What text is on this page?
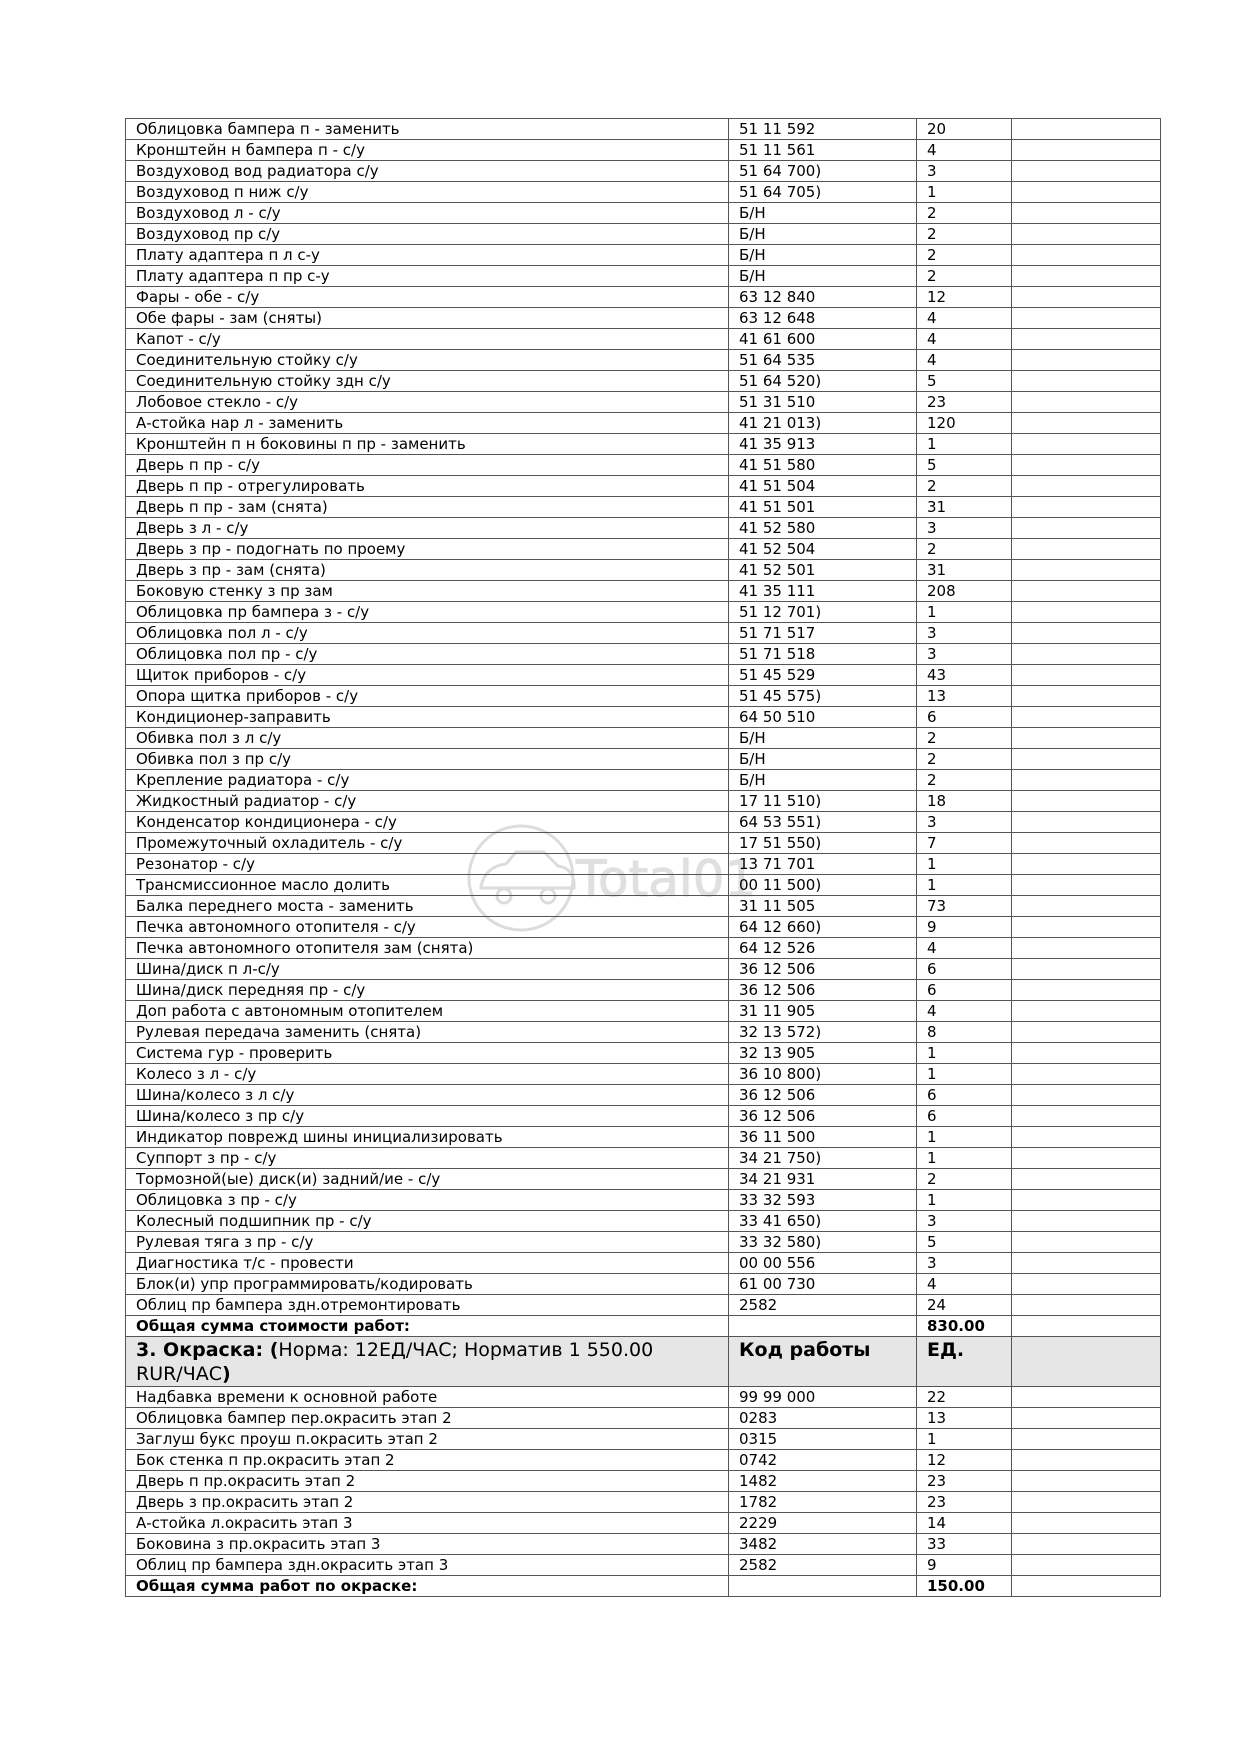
Total01
Облицовка бампера п - заменить	51 11 592	20	
Кронштейн н бампера п - с/у	51 11 561	4	
Воздуховод вод радиатора с/у	51 64 700)	3	
Воздуховод п ниж с/у	51 64 705)	1	
Воздуховод л - с/у	Б/Н	2	
Воздуховод пр с/у	Б/Н	2	
Плату адаптера п л с-у	Б/Н	2	
Плату адаптера п пр с-у	Б/Н	2	
Фары - обе - с/у	63 12 840	12	
Обе фары - зам (сняты)	63 12 648	4	
Капот - с/у	41 61 600	4	
Соединительную стойку с/у	51 64 535	4	
Соединительную стойку здн с/у	51 64 520)	5	
Лобовое стекло - с/у	51 31 510	23	
А-стойка нар л - заменить	41 21 013)	120	
Кронштейн п н боковины п пр - заменить	41 35 913	1	
Дверь п пр - с/у	41 51 580	5	
Дверь п пр - отрегулировать	41 51 504	2	
Дверь п пр - зам (снята)	41 51 501	31	
Дверь з л - с/у	41 52 580	3	
Дверь з пр - подогнать по проему	41 52 504	2	
Дверь з пр - зам (снята)	41 52 501	31	
Боковую стенку з пр зам	41 35 111	208	
Облицовка пр бампера з - с/у	51 12 701)	1	
Облицовка пол л - с/у	51 71 517	3	
Облицовка пол пр - с/у	51 71 518	3	
Щиток приборов - с/у	51 45 529	43	
Опора щитка приборов - с/у	51 45 575)	13	
Кондиционер-заправить	64 50 510	6	
Обивка пол з л с/у	Б/Н	2	
Обивка пол з пр с/у	Б/Н	2	
Крепление радиатора - с/у	Б/Н	2	
Жидкостный радиатор - с/у	17 11 510)	18	
Конденсатор кондиционера - с/у	64 53 551)	3	
Промежуточный охладитель - с/у	17 51 550)	7	
Резонатор - с/у	13 71 701	1	
Трансмиссионное масло долить	00 11 500)	1	
Балка переднего моста - заменить	31 11 505	73	
Печка автономного отопителя - с/у	64 12 660)	9	
Печка автономного отопителя зам (снята)	64 12 526	4	
Шина/диск п л-с/у	36 12 506	6	
Шина/диск передняя пр - с/у	36 12 506	6	
Доп работа с автономным отопителем	31 11 905	4	
Рулевая передача заменить (снята)	32 13 572)	8	
Система гур - проверить	32 13 905	1	
Колесо з л - с/у	36 10 800)	1	
Шина/колесо з л с/у	36 12 506	6	
Шина/колесо з пр с/у	36 12 506	6	
Индикатор поврежд шины инициализировать	36 11 500	1	
Суппорт з пр - с/у	34 21 750)	1	
Тормозной(ые) диск(и) задний/ие - с/у	34 21 931	2	
Облицовка з пр - с/у	33 32 593	1	
Колесный подшипник пр - с/у	33 41 650)	3	
Рулевая тяга з пр - с/у	33 32 580)	5	
Диагностика т/с - провести	00 00 556	3	
Блок(и) упр программировать/кодировать	61 00 730	4	
Облиц пр бампера здн.отремонтировать	2582	24	
Общая сумма стоимости работ:		830.00	
3. Окраска: (Норма: 12ЕД/ЧАС; Норматив 1 550.00
RUR/ЧАС)	Код работы	ЕД.	
Надбавка времени к основной работе	99 99 000	22	
Облицовка бампер пер.окрасить этап 2	0283	13	
Заглуш букс проуш п.окрасить этап 2	0315	1	
Бок стенка п пр.окрасить этап 2	0742	12	
Дверь п пр.окрасить этап 2	1482	23	
Дверь з пр.окрасить этап 2	1782	23	
А-стойка л.окрасить этап 3	2229	14	
Боковина з пр.окрасить этап 3	3482	33	
Облиц пр бампера здн.окрасить этап 3	2582	9	
Общая сумма работ по окраске:		150.00	
